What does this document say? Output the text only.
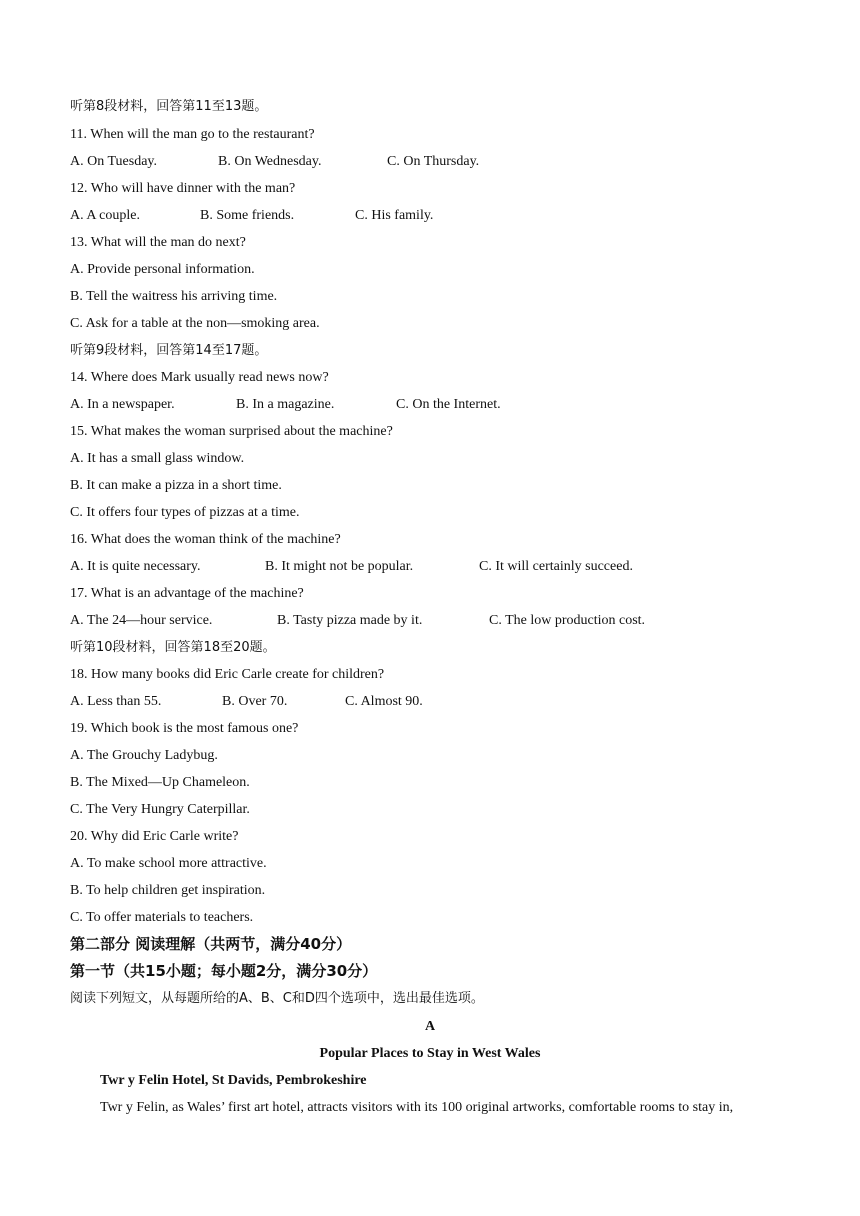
听第8段材料，回答第11至13题。
11. When will the man go to the restaurant?
A. On Tuesday.	B. On Wednesday.	C. On Thursday.
12. Who will have dinner with the man?
A. A couple.	B. Some friends.	C. His family.
13. What will the man do next?
A. Provide personal information.
B. Tell the waitress his arriving time.
C. Ask for a table at the non—smoking area.
听第9段材料，回答第14至17题。
14. Where does Mark usually read news now?
A. In a newspaper.	B. In a magazine.	C. On the Internet.
15. What makes the woman surprised about the machine?
A. It has a small glass window.
B. It can make a pizza in a short time.
C. It offers four types of pizzas at a time.
16. What does the woman think of the machine?
A. It is quite necessary.	B. It might not be popular.	C. It will certainly succeed.
17. What is an advantage of the machine?
A. The 24—hour service.	B. Tasty pizza made by it.	C. The low production cost.
听第10段材料，回答第18至20题。
18. How many books did Eric Carle create for children?
A. Less than 55.	B. Over 70.	C. Almost 90.
19. Which book is the most famous one?
A. The Grouchy Ladybug.
B. The Mixed—Up Chameleon.
C. The Very Hungry Caterpillar.
20. Why did Eric Carle write?
A. To make school more attractive.
B. To help children get inspiration.
C. To offer materials to teachers.
第二部分 阅读理解（共两节，满分40分）
第一节（共15小题；每小题2分，满分30分）
阅读下列短文，从每题所给的A、B、C和D四个选项中，选出最佳选项。
A
Popular Places to Stay in West Wales
Twr y Felin Hotel, St Davids, Pembrokeshire
Twr y Felin, as Wales’ first art hotel, attracts visitors with its 100 original artworks, comfortable rooms to stay in,
